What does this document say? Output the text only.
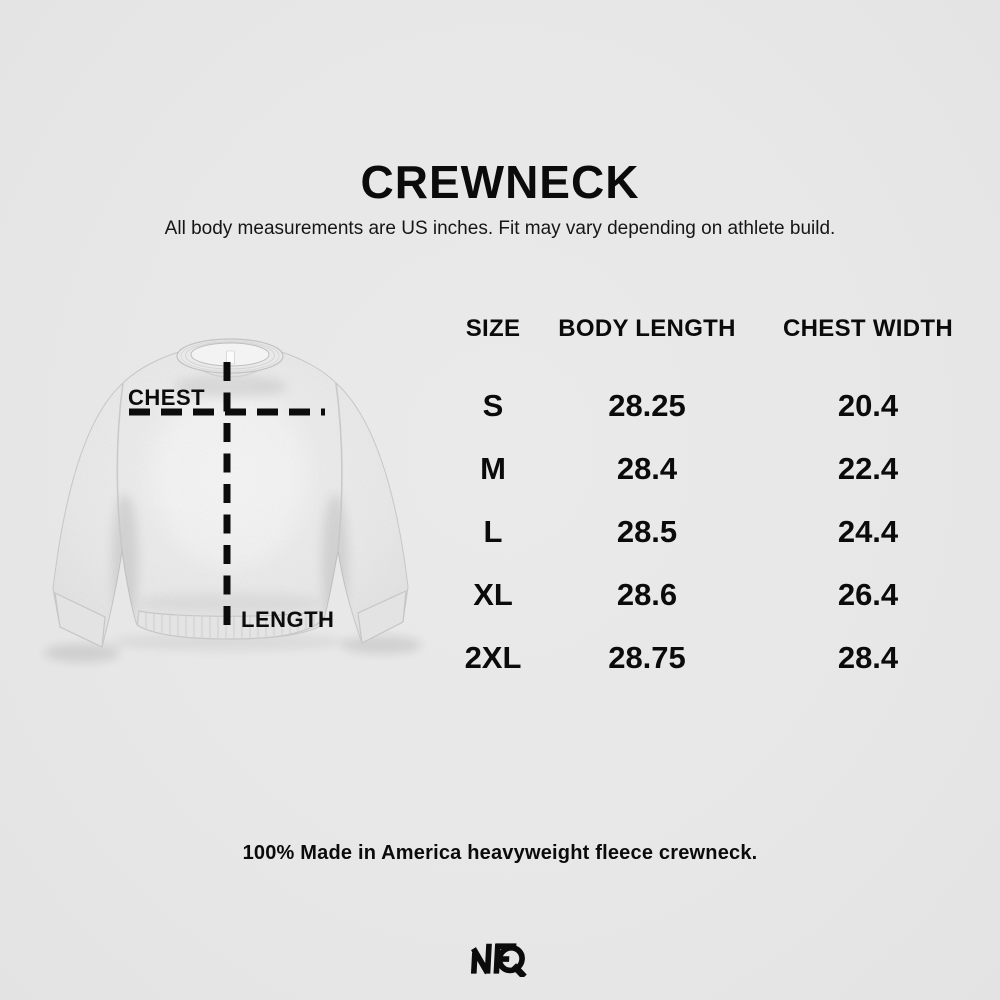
CREWNECK
All body measurements are US inches. Fit may vary depending on athlete build.
CHEST
LENGTH
SIZE	BODY LENGTH	CHEST WIDTH
S	28.25	20.4
M	28.4	22.4
L	28.5	24.4
XL	28.6	26.4
2XL	28.75	28.4
100% Made in America heavyweight fleece crewneck.
